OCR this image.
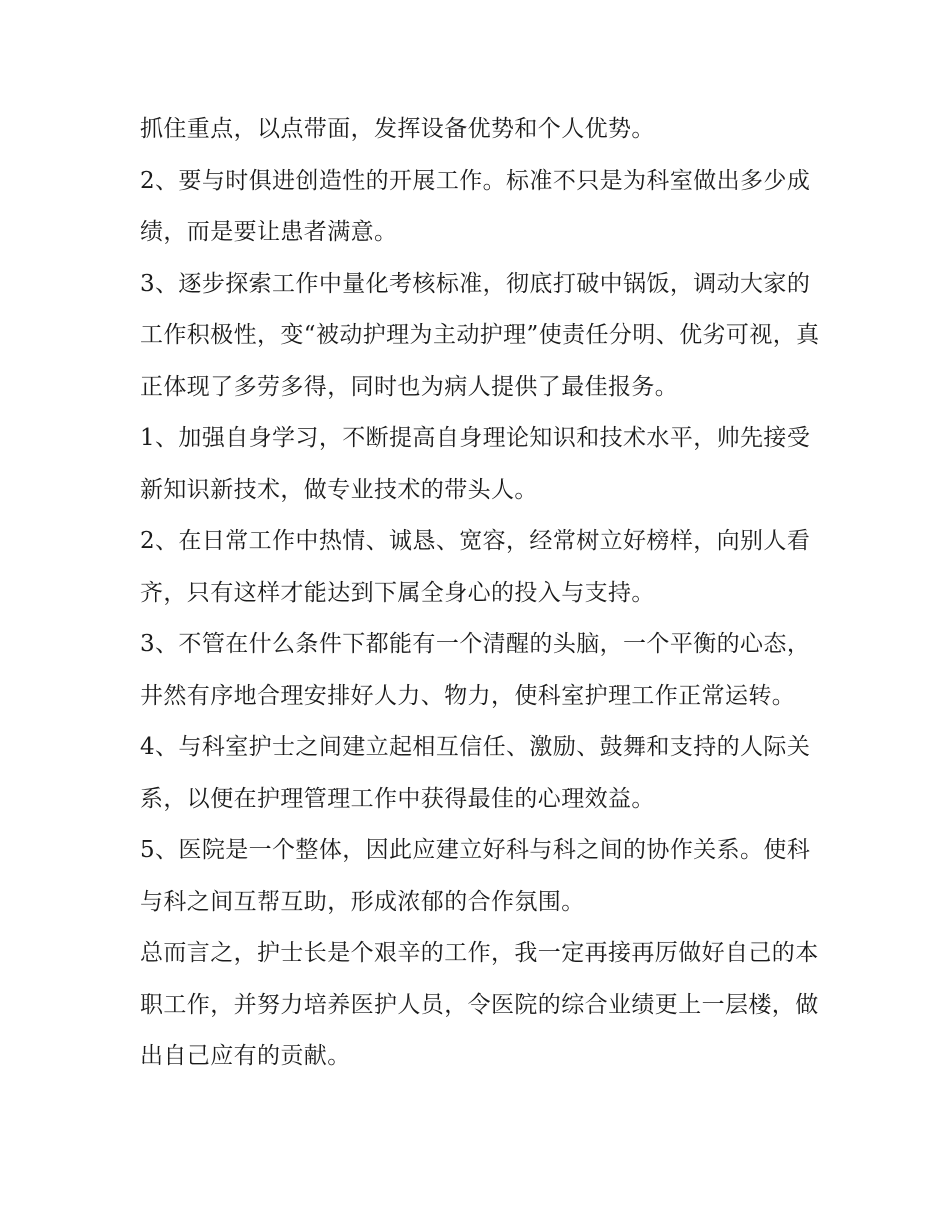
抓住重点，以点带面，发挥设备优势和个人优势。

2、要与时俱进创造性的开展工作。标准不只是为科室做出多少成绩，而是要让患者满意。

3、逐步探索工作中量化考核标准，彻底打破中锅饭，调动大家的工作积极性，变“被动护理为主动护理”使责任分明、优劣可视，真正体现了多劳多得，同时也为病人提供了最佳报务。

1、加强自身学习，不断提高自身理论知识和技术水平，帅先接受新知识新技术，做专业技术的带头人。

2、在日常工作中热情、诚恳、宽容，经常树立好榜样，向别人看齐，只有这样才能达到下属全身心的投入与支持。

3、不管在什么条件下都能有一个清醒的头脑，一个平衡的心态，井然有序地合理安排好人力、物力，使科室护理工作正常运转。

4、与科室护士之间建立起相互信任、激励、鼓舞和支持的人际关系，以便在护理管理工作中获得最佳的心理效益。

5、医院是一个整体，因此应建立好科与科之间的协作关系。使科与科之间互帮互助，形成浓郁的合作氛围。

总而言之，护士长是个艰辛的工作，我一定再接再厉做好自己的本职工作，并努力培养医护人员，令医院的综合业绩更上一层楼，做出自己应有的贡献。
